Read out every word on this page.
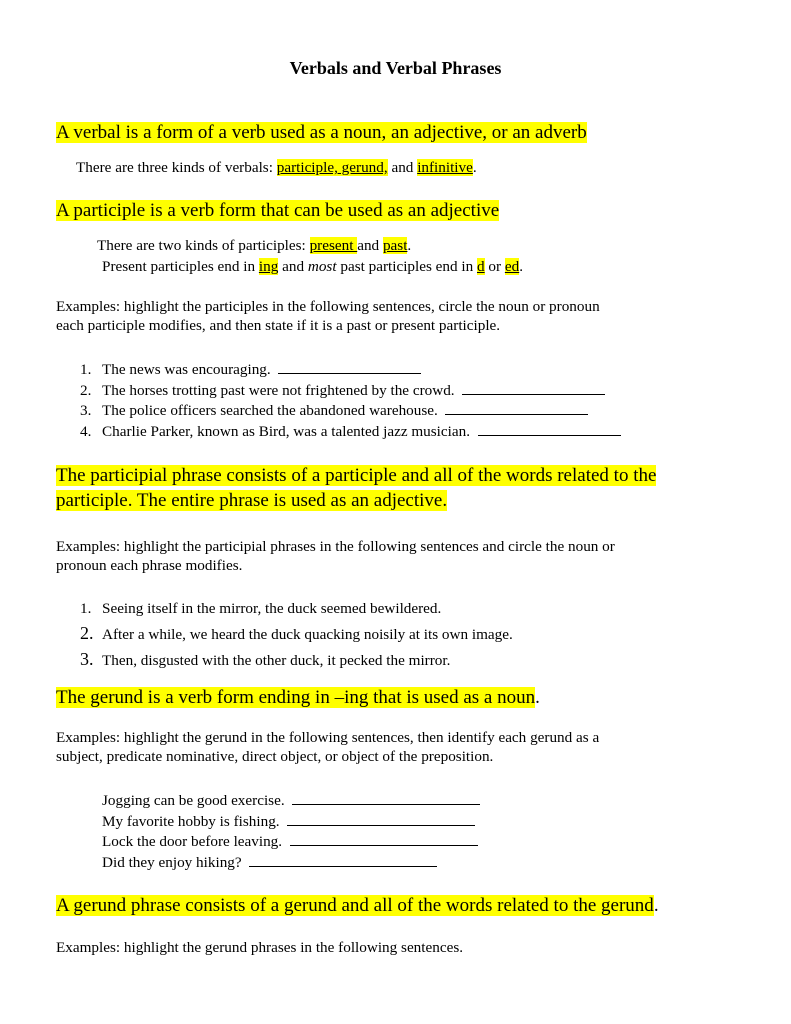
Verbals and Verbal Phrases
A verbal is a form of a verb used as a noun, an adjective, or an adverb
There are three kinds of verbals: participle, gerund, and infinitive.
A participle is a verb form that can be used as an adjective
There are two kinds of participles: present and past.
Present participles end in ing and most past participles end in d or ed.
Examples: highlight the participles in the following sentences, circle the noun or pronoun
each participle modifies, and then state if it is a past or present participle.
1. The news was encouraging.
2. The horses trotting past were not frightened by the crowd.
3. The police officers searched the abandoned warehouse.
4. Charlie Parker, known as Bird, was a talented jazz musician.
The participial phrase consists of a participle and all of the words related to the
participle. The entire phrase is used as an adjective.
Examples: highlight the participial phrases in the following sentences and circle the noun or
pronoun each phrase modifies.
1. Seeing itself in the mirror, the duck seemed bewildered.
2. After a while, we heard the duck quacking noisily at its own image.
3. Then, disgusted with the other duck, it pecked the mirror.
The gerund is a verb form ending in –ing that is used as a noun.
Examples: highlight the gerund in the following sentences, then identify each gerund as a
subject, predicate nominative, direct object, or object of the preposition.
Jogging can be good exercise.
My favorite hobby is fishing.
Lock the door before leaving.
Did they enjoy hiking?
A gerund phrase consists of a gerund and all of the words related to the gerund.
Examples: highlight the gerund phrases in the following sentences.
